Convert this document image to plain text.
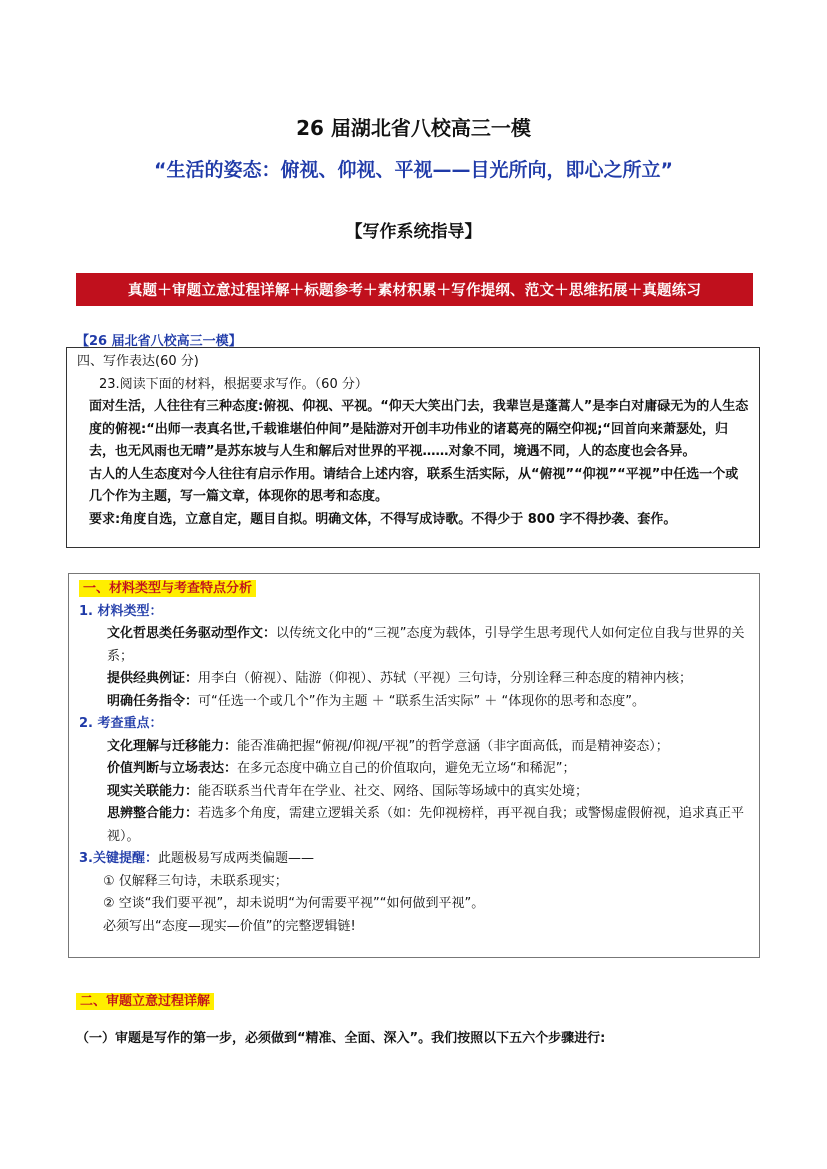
26 届湖北省八校高三一模
“生活的姿态：俯视、仰视、平视——目光所向，即心之所立”
【写作系统指导】
真题＋审题立意过程详解＋标题参考＋素材积累＋写作提纲、范文＋思维拓展＋真题练习
【26 届北省八校高三一模】

四、写作表达(60 分)

23.阅读下面的材料，根据要求写作。（60 分）

面对生活，人往往有三种态度:俯视、仰视、平视。“仰天大笑出门去，我辈岂是蓬蒿人”是李白对庸碌无为的人生态度的俯视:“出师一表真名世,千载谁堪伯仲间”是陆游对开创丰功伟业的诸葛亮的隔空仰视;“回首向来萧瑟处，归去，也无风雨也无晴”是苏东坡与人生和解后对世界的平视……对象不同，境遇不同，人的态度也会各异。

古人的人生态度对今人往往有启示作用。请结合上述内容，联系生活实际，从“俯视”“仰视”“平视”中任选一个或几个作为主题，写一篇文章，体现你的思考和态度。

要求:角度自选，立意自定，题目自拟。明确文体，不得写成诗歌。不得少于 800 字不得抄袭、套作。

一、材料类型与考查特点分析

1. 材料类型：

文化哲思类任务驱动型作文：以传统文化中的“三视”态度为载体，引导学生思考现代人如何定位自我与世界的关系；

提供经典例证：用李白（俯视）、陆游（仰视）、苏轼（平视）三句诗，分别诠释三种态度的精神内核；

明确任务指令：可“任选一个或几个”作为主题 ＋ “联系生活实际” ＋ “体现你的思考和态度”。

2. 考查重点：

文化理解与迁移能力：能否准确把握“俯视/仰视/平视”的哲学意涵（非字面高低，而是精神姿态）；

价值判断与立场表达：在多元态度中确立自己的价值取向，避免无立场“和稀泥”；

现实关联能力：能否联系当代青年在学业、社交、网络、国际等场域中的真实处境；

思辨整合能力：若选多个角度，需建立逻辑关系（如：先仰视榜样，再平视自我；或警惕虚假俯视，追求真正平视）。

3.关键提醒：此题极易写成两类偏题——

① 仅解释三句诗，未联系现实；

② 空谈“我们要平视”，却未说明“为何需要平视”“如何做到平视”。

必须写出“态度—现实—价值”的完整逻辑链!

二、审题立意过程详解
（一）审题是写作的第一步，必须做到“精准、全面、深入”。我们按照以下五六个步骤进行:
